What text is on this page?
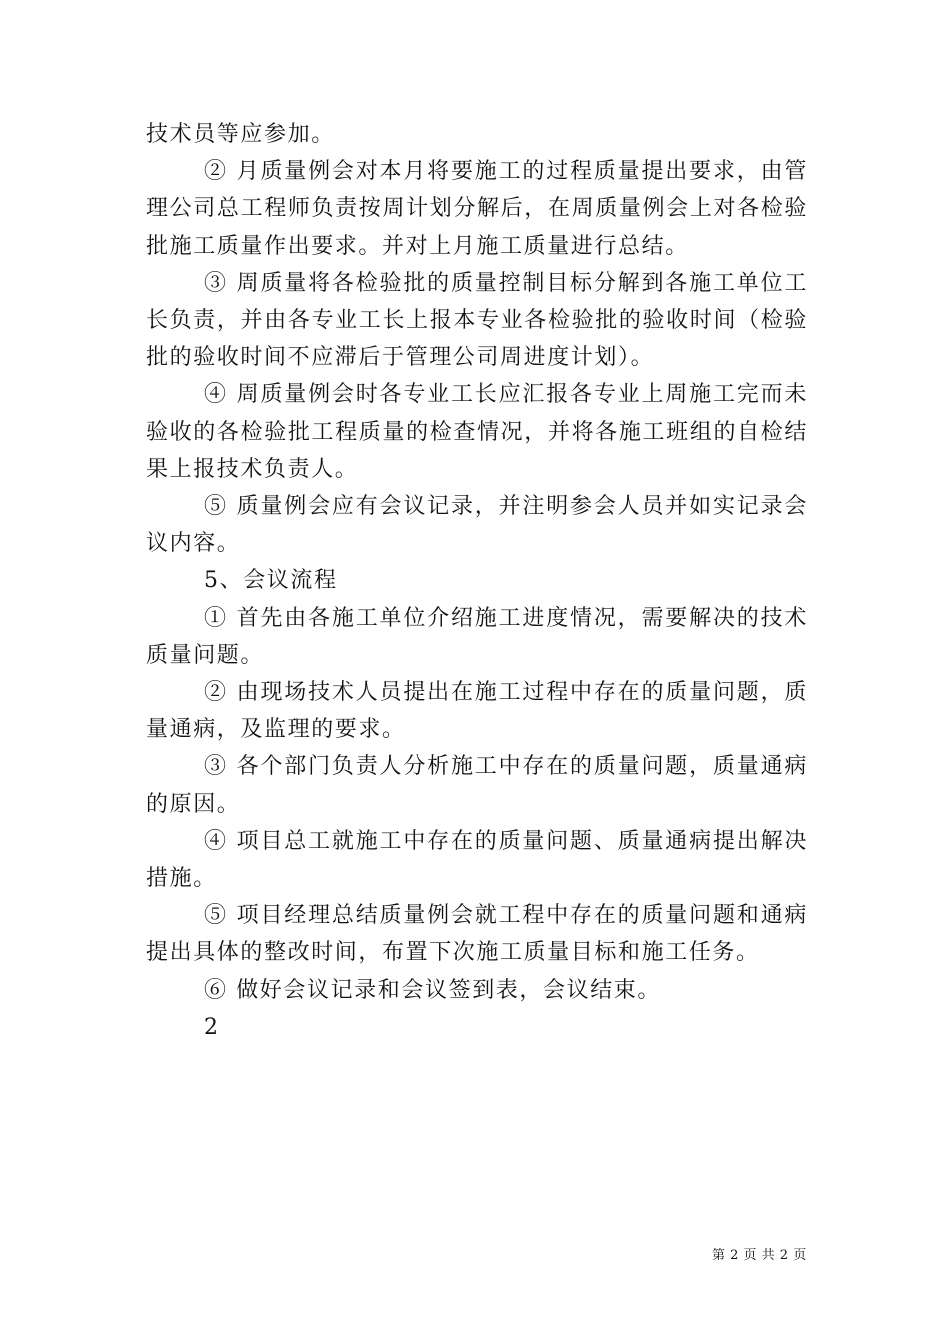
技术员等应参加。

② 月质量例会对本月将要施工的过程质量提出要求，由管理公司总工程师负责按周计划分解后，在周质量例会上对各检验批施工质量作出要求。并对上月施工质量进行总结。

③ 周质量将各检验批的质量控制目标分解到各施工单位工长负责，并由各专业工长上报本专业各检验批的验收时间（检验批的验收时间不应滞后于管理公司周进度计划）。

④ 周质量例会时各专业工长应汇报各专业上周施工完而未验收的各检验批工程质量的检查情况，并将各施工班组的自检结果上报技术负责人。

⑤ 质量例会应有会议记录，并注明参会人员并如实记录会议内容。

5、会议流程

① 首先由各施工单位介绍施工进度情况，需要解决的技术质量问题。

② 由现场技术人员提出在施工过程中存在的质量问题，质量通病，及监理的要求。

③ 各个部门负责人分析施工中存在的质量问题，质量通病的原因。

④ 项目总工就施工中存在的质量问题、质量通病提出解决措施。

⑤ 项目经理总结质量例会就工程中存在的质量问题和通病提出具体的整改时间，布置下次施工质量目标和施工任务。

⑥ 做好会议记录和会议签到表，会议结束。

2

第 2 页 共 2 页
